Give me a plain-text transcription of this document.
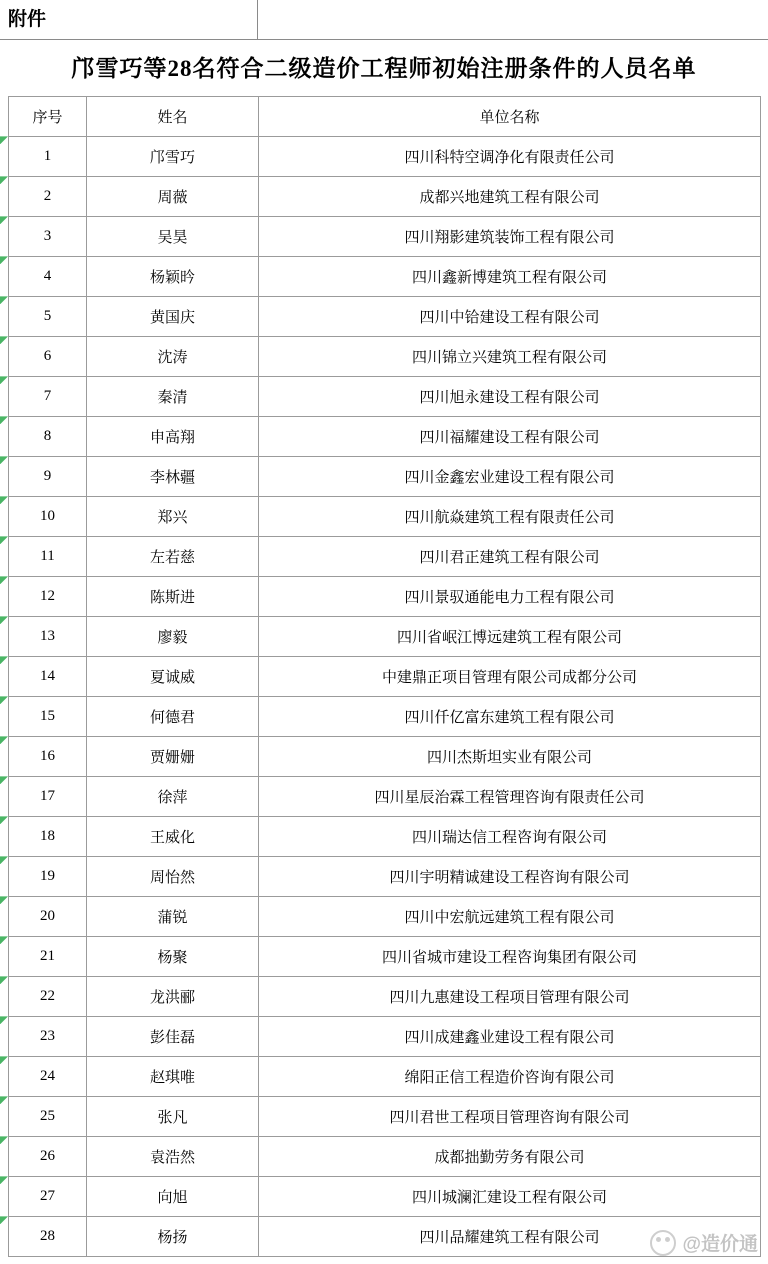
附件
邝雪巧等28名符合二级造价工程师初始注册条件的人员名单
序号	姓名	单位名称
1	邝雪巧	四川科特空调净化有限责任公司
2	周薇	成都兴地建筑工程有限公司
3	吴昊	四川翔影建筑装饰工程有限公司
4	杨颖昑	四川鑫新博建筑工程有限公司
5	黄国庆	四川中铪建设工程有限公司
6	沈涛	四川锦立兴建筑工程有限公司
7	秦清	四川旭永建设工程有限公司
8	申高翔	四川福耀建设工程有限公司
9	李林疆	四川金鑫宏业建设工程有限公司
10	郑兴	四川航焱建筑工程有限责任公司
11	左若慈	四川君正建筑工程有限公司
12	陈斯进	四川景驭通能电力工程有限公司
13	廖毅	四川省岷江博远建筑工程有限公司
14	夏诚威	中建鼎正项目管理有限公司成都分公司
15	何德君	四川仟亿富东建筑工程有限公司
16	贾姗姗	四川杰斯坦实业有限公司
17	徐萍	四川星辰治霖工程管理咨询有限责任公司
18	王威化	四川瑞达信工程咨询有限公司
19	周怡然	四川宇明精诚建设工程咨询有限公司
20	蒲锐	四川中宏航远建筑工程有限公司
21	杨聚	四川省城市建设工程咨询集团有限公司
22	龙洪郦	四川九惠建设工程项目管理有限公司
23	彭佳磊	四川成建鑫业建设工程有限公司
24	赵琪唯	绵阳正信工程造价咨询有限公司
25	张凡	四川君世工程项目管理咨询有限公司
26	袁浩然	成都拙勤劳务有限公司
27	向旭	四川城澜汇建设工程有限公司
28	杨扬	四川品耀建筑工程有限公司	@造价通
